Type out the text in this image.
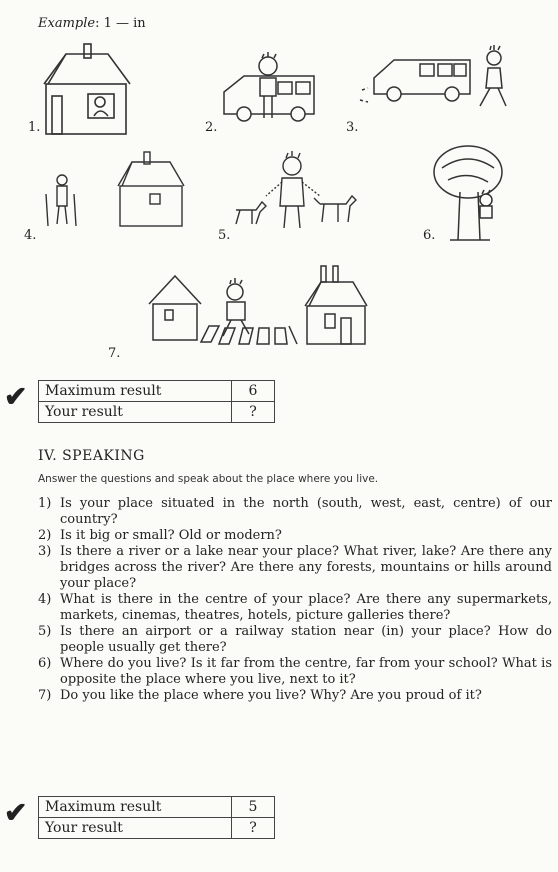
Example: 1 — in
1.	2.	3.
4.	5.	6.
7.
✔ Maximum result	6
Your result	?
IV. SPEAKING
Answer the questions and speak about the place where you live.
1) Is your place situated in the north (south, west, east, centre) of our country?
2) Is it big or small? Old or modern?
3) Is there a river or a lake near your place? What river, lake? Are there any bridges across the river? Are there any forests, mountains or hills around your place?
4) What is there in the centre of your place? Are there any supermarkets, markets, cinemas, theatres, hotels, picture galleries there?
5) Is there an airport or a railway station near (in) your place? How do people usually get there?
6) Where do you live? Is it far from the centre, far from your school? What is opposite the place where you live, next to it?
7) Do you like the place where you live? Why? Are you proud of it?
✔ Maximum result	5
Your result	?
